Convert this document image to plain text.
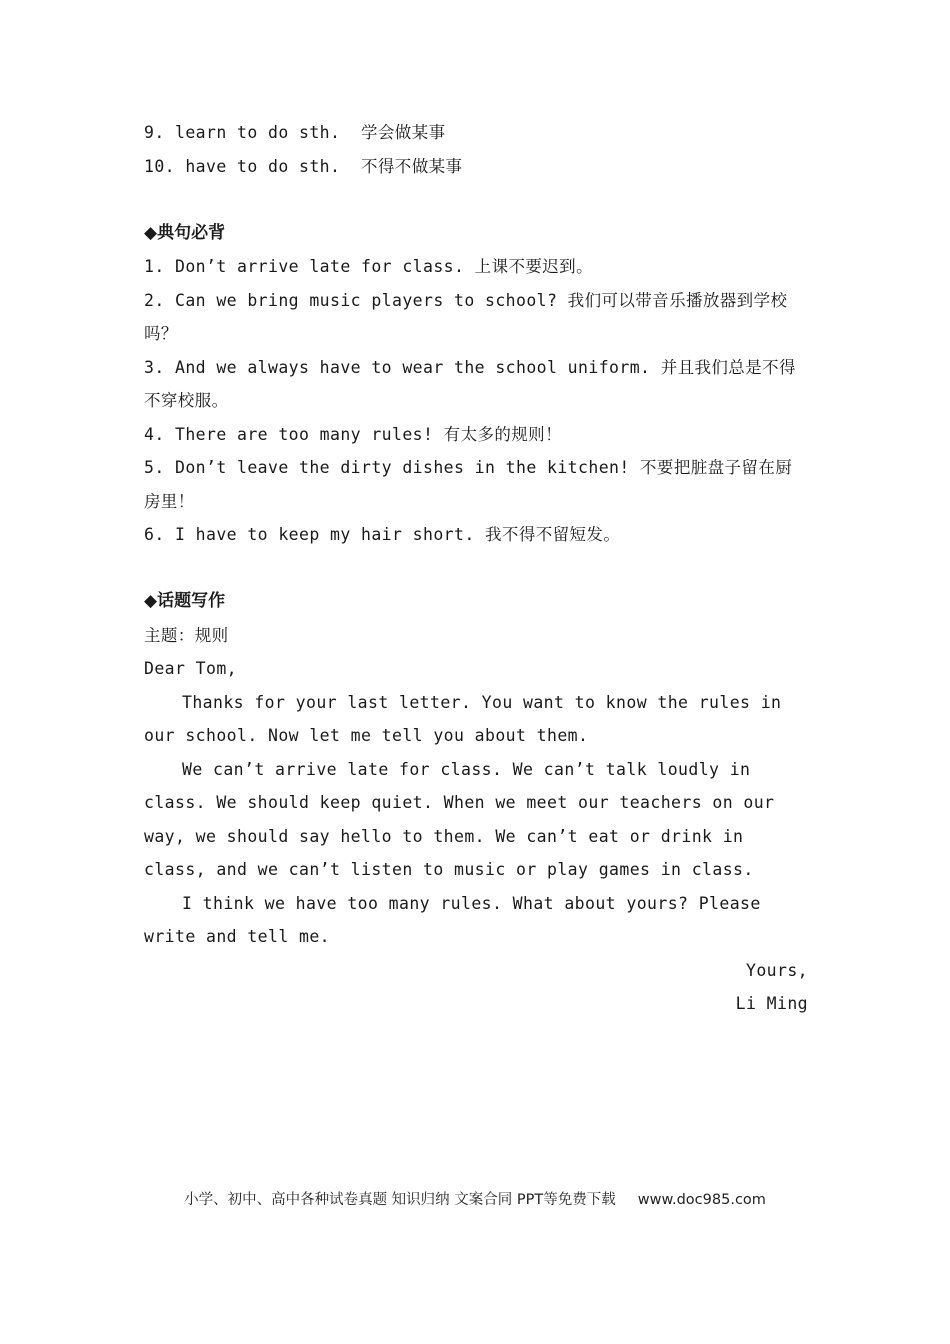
9. learn to do sth.  学会做某事

10. have to do sth.  不得不做某事

◆典句必背

1. Don’t arrive late for class. 上课不要迟到。

2. Can we bring music players to school? 我们可以带音乐播放器到学校吗？

3. And we always have to wear the school uniform. 并且我们总是不得不穿校服。

4. There are too many rules! 有太多的规则！

5. Don’t leave the dirty dishes in the kitchen! 不要把脏盘子留在厨房里！

6. I have to keep my hair short. 我不得不留短发。

◆话题写作

主题：规则

Dear Tom,

Thanks for your last letter. You want to know the rules in our school. Now let me tell you about them.

We can’t arrive late for class. We can’t talk loudly in class. We should keep quiet. When we meet our teachers on our way, we should say hello to them. We can’t eat or drink in class, and we can’t listen to music or play games in class.

I think we have too many rules. What about yours? Please write and tell me.

Yours,

Li Ming

小学、初中、高中各种试卷真题 知识归纳 文案合同 PPT等免费下载 www.doc985.com
